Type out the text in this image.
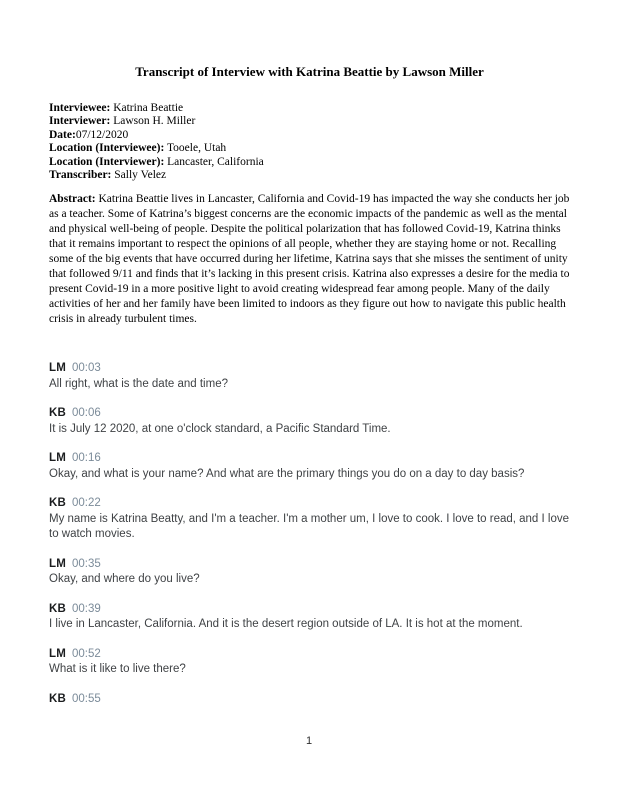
Transcript of Interview with Katrina Beattie by Lawson Miller
Interviewee: Katrina Beattie
Interviewer: Lawson H. Miller
Date:07/12/2020
Location (Interviewee): Tooele, Utah
Location (Interviewer): Lancaster, California
Transcriber: Sally Velez
Abstract: Katrina Beattie lives in Lancaster, California and Covid-19 has impacted the way she conducts her job as a teacher. Some of Katrina’s biggest concerns are the economic impacts of the pandemic as well as the mental and physical well-being of people. Despite the political polarization that has followed Covid-19, Katrina thinks that it remains important to respect the opinions of all people, whether they are staying home or not. Recalling some of the big events that have occurred during her lifetime, Katrina says that she misses the sentiment of unity that followed 9/11 and finds that it’s lacking in this present crisis. Katrina also expresses a desire for the media to present Covid-19 in a more positive light to avoid creating widespread fear among people. Many of the daily activities of her and her family have been limited to indoors as they figure out how to navigate this public health crisis in already turbulent times.
LM 00:03
All right, what is the date and time?
KB 00:06
It is July 12 2020, at one o'clock standard, a Pacific Standard Time.
LM 00:16
Okay, and what is your name? And what are the primary things you do on a day to day basis?
KB 00:22
My name is Katrina Beatty, and I'm a teacher. I'm a mother um, I love to cook. I love to read, and I love to watch movies.
LM 00:35
Okay, and where do you live?
KB 00:39
I live in Lancaster, California. And it is the desert region outside of LA. It is hot at the moment.
LM 00:52
What is it like to live there?
KB 00:55
1
